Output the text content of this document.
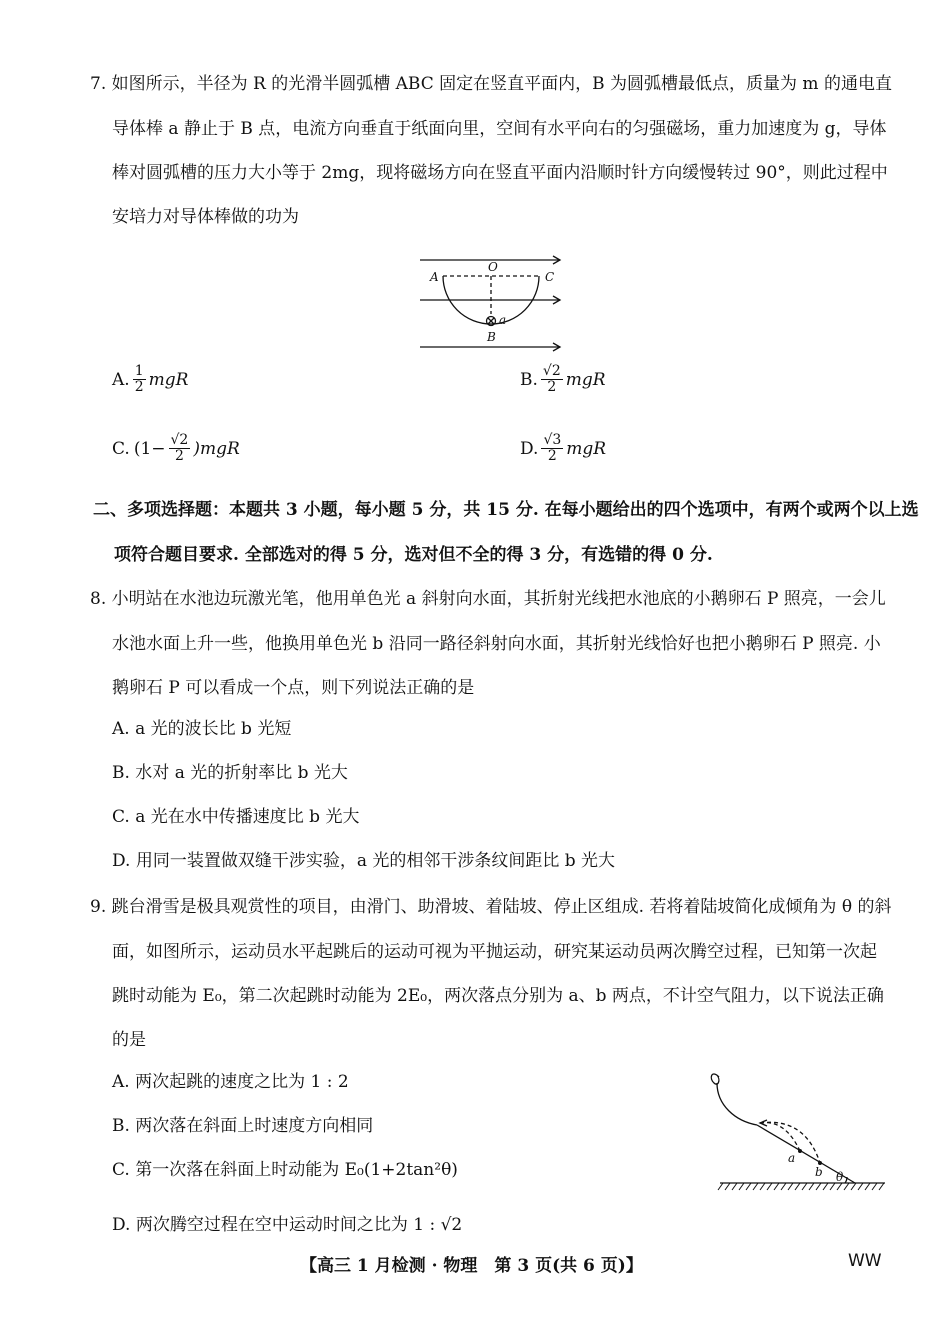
7. 如图所示，半径为 R 的光滑半圆弧槽 ABC 固定在竖直平面内，B 为圆弧槽最低点，质量为 m 的通电直
导体棒 a 静止于 B 点，电流方向垂直于纸面向里，空间有水平向右的匀强磁场，重力加速度为 g，导体
棒对圆弧槽的压力大小等于 2mg，现将磁场方向在竖直平面内沿顺时针方向缓慢转过 90°，则此过程中
安培力对导体棒做的功为
A
O
C
B
a
A. $\frac{1}{2}$ mgR	B. $\frac{√2}{2}$ mgR
C. $(1- \frac{√2}{2} )mgR$	D. $\frac{√3}{2}$ mgR
二、多项选择题：本题共 3 小题，每小题 5 分，共 15 分. 在每小题给出的四个选项中，有两个或两个以上选
项符合题目要求. 全部选对的得 5 分，选对但不全的得 3 分，有选错的得 0 分.
8. 小明站在水池边玩激光笔，他用单色光 a 斜射向水面，其折射光线把水池底的小鹅卵石 P 照亮，一会儿
水池水面上升一些，他换用单色光 b 沿同一路径斜射向水面，其折射光线恰好也把小鹅卵石 P 照亮. 小
鹅卵石 P 可以看成一个点，则下列说法正确的是
A. a 光的波长比 b 光短
B. 水对 a 光的折射率比 b 光大
C. a 光在水中传播速度比 b 光大
D. 用同一装置做双缝干涉实验，a 光的相邻干涉条纹间距比 b 光大
9. 跳台滑雪是极具观赏性的项目，由滑门、助滑坡、着陆坡、停止区组成. 若将着陆坡简化成倾角为 θ 的斜
面，如图所示，运动员水平起跳后的运动可视为平抛运动，研究某运动员两次腾空过程，已知第一次起
跳时动能为 E₀，第二次起跳时动能为 2E₀，两次落点分别为 a、b 两点，不计空气阻力，以下说法正确
的是
A. 两次起跳的速度之比为 1 : 2
B. 两次落在斜面上时速度方向相同
C. 第一次落在斜面上时动能为 E₀(1+2tan²θ)
D. 两次腾空过程在空中运动时间之比为 1 : √2
a
b θ
【高三 1 月检测 · 物理　第 3 页(共 6 页)】	WW
